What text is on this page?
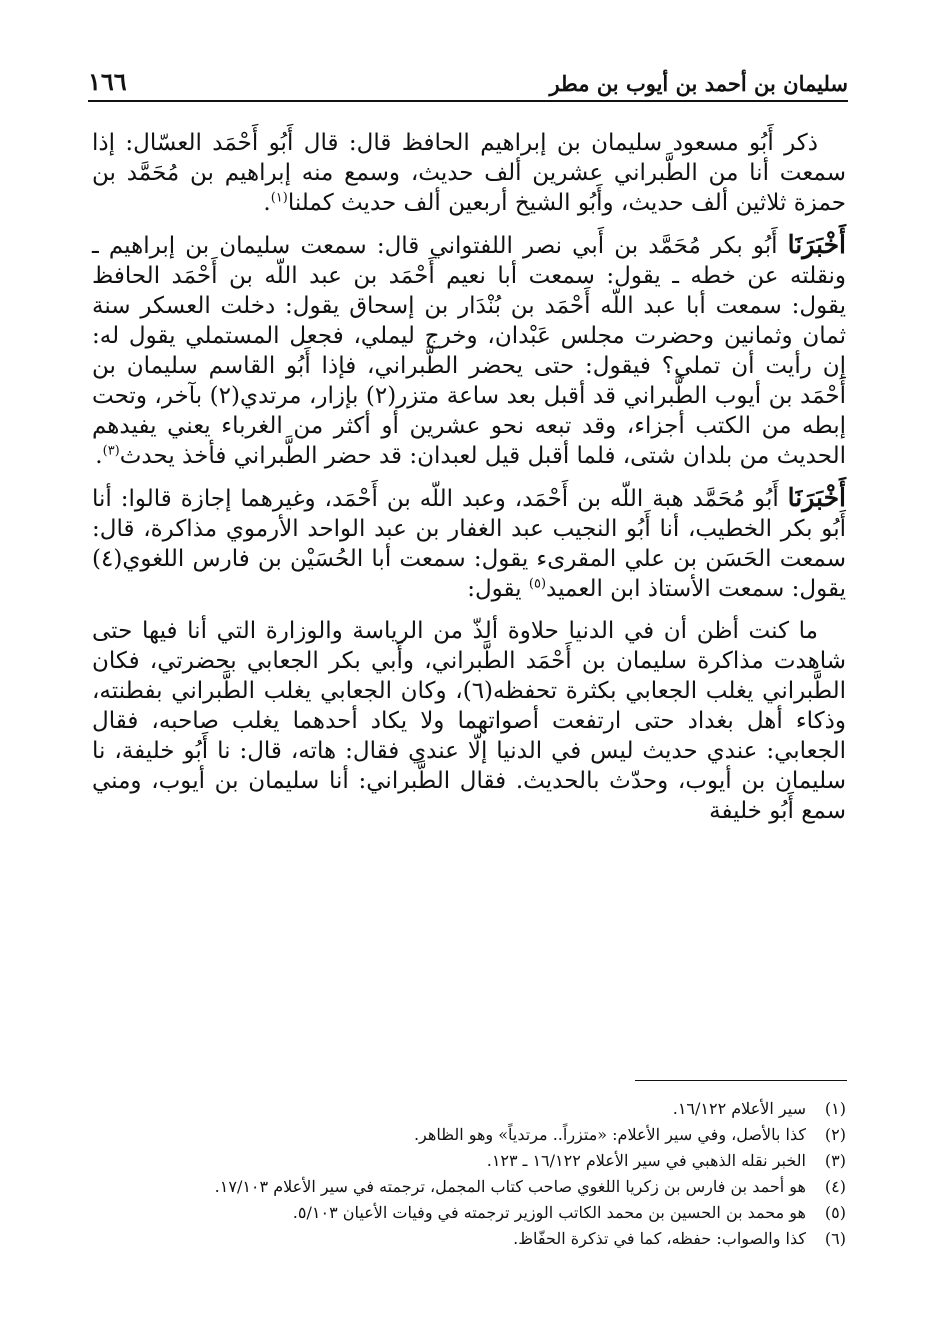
سليمان بن أحمد بن أيوب بن مطر
١٦٦

ذكر أَبُو مسعود سليمان بن إبراهيم الحافظ قال: قال أَبُو أَحْمَد العسّال: إذا سمعت أنا من الطَّبراني عشرين ألف حديث، وسمع منه إبراهيم بن مُحَمَّد بن حمزة ثلاثين ألف حديث، وأَبُو الشيخ أربعين ألف حديث كملنا$^{(١)}$.

أَخْبَرَنَا أَبُو بكر مُحَمَّد بن أَبي نصر اللفتواني قال: سمعت سليمان بن إبراهيم ـ ونقلته عن خطه ـ يقول: سمعت أبا نعيم أَحْمَد بن عبد اللّه بن أَحْمَد الحافظ يقول: سمعت أبا عبد اللّه أَحْمَد بن بُنْدَار بن إسحاق يقول: دخلت العسكر سنة ثمان وثمانين وحضرت مجلس عَبْدان، وخرج ليملي، فجعل المستملي يقول له: إن رأيت أن تملي؟ فيقول: حتى يحضر الطَّبراني، فإذا أَبُو القاسم سليمان بن أَحْمَد بن أيوب الطَّبراني قد أقبل بعد ساعة متزر(٢) بإزار، مرتدي(٢) بآخر، وتحت إبطه من الكتب أجزاء، وقد تبعه نحو عشرين أو أكثر من الغرباء يعني يفيدهم الحديث من بلدان شتى، فلما أقبل قيل لعبدان: قد حضر الطَّبراني فأخذ يحدث$^{(٣)}$.

أَخْبَرَنَا أَبُو مُحَمَّد هبة اللّه بن أَحْمَد، وعبد اللّه بن أَحْمَد، وغيرهما إجازة قالوا: أنا أَبُو بكر الخطيب، أنا أَبُو النجيب عبد الغفار بن عبد الواحد الأرموي مذاكرة، قال: سمعت الحَسَن بن علي المقرىء يقول: سمعت أبا الحُسَيْن بن فارس اللغوي(٤) يقول: سمعت الأستاذ ابن العميد$^{(٥)}$ يقول:

ما كنت أظن أن في الدنيا حلاوة ألذّ من الرياسة والوزارة التي أنا فيها حتى شاهدت مذاكرة سليمان بن أَحْمَد الطَّبراني، وأَبي بكر الجعابي بحضرتي، فكان الطَّبراني يغلب الجعابي بكثرة تحفظه(٦)، وكان الجعابي يغلب الطَّبراني بفطنته، وذكاء أهل بغداد حتى ارتفعت أصواتهما ولا يكاد أحدهما يغلب صاحبه، فقال الجعابي: عندي حديث ليس في الدنيا إلّا عندي فقال: هاته، قال: نا أَبُو خليفة، نا سليمان بن أيوب، وحدّث بالحديث. فقال الطَّبراني: أنا سليمان بن أيوب، ومني سمع أَبُو خليفة

(١)
سير الأعلام ١٦/١٢٢.
(٢)
كذا بالأصل، وفي سير الأعلام: «متزراً.. مرتدياً» وهو الظاهر.
(٣)
الخبر نقله الذهبي في سير الأعلام ١٦/١٢٢ ـ ١٢٣.
(٤)
هو أحمد بن فارس بن زكريا اللغوي صاحب كتاب المجمل، ترجمته في سير الأعلام ١٧/١٠٣.
(٥)
هو محمد بن الحسين بن محمد الكاتب الوزير ترجمته في وفيات الأعيان ٥/١٠٣.
(٦)
كذا والصواب: حفظه، كما في تذكرة الحفّاظ.
